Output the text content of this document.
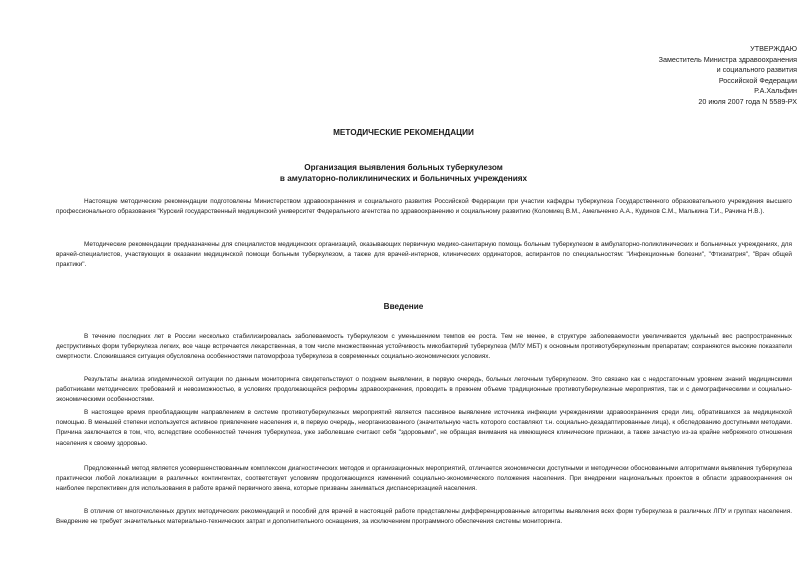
УТВЕРЖДАЮ
Заместитель Министра здравоохранения
и социального развития
Российской Федерации
Р.А.Хальфин
20 июля 2007 года N 5589-РХ
МЕТОДИЧЕСКИЕ РЕКОМЕНДАЦИИ
Организация выявления больных туберкулезом
в амулаторно-поликлинических и больничных учреждениях
Настоящие методические рекомендации подготовлены Министерством здравоохранения и социального развития Российской Федерации при участии кафедры туберкулеза Государственного образовательного учреждения высшего профессионального образования "Курский государственный медицинский университет Федерального агентства по здравоохранению и социальному развитию (Коломиец В.М., Амельченко А.А., Кудинов С.М., Малькина Т.И., Рачина Н.В.).
Методические рекомендации предназначены для специалистов медицинских организаций, оказывающих первичную медико-санитарную помощь больным туберкулезом в амбулаторно-поликлинических и больничных учреждениях, для врачей-специалистов, участвующих в оказании медицинской помощи больным туберкулезом, а также для врачей-интернов, клинических ординаторов, аспирантов по специальностям: "Инфекционные болезни", "Фтизиатрия", "Врач общей практики".
Введение
В течение последних лет в России несколько стабилизировалась заболеваемость туберкулезом с уменьшением темпов ее роста. Тем не менее, в структуре заболеваемости увеличивается удельный вес распространенных деструктивных форм туберкулеза легких, все чаще встречается лекарственная, в том числе множественная устойчивость микобактерий туберкулеза (МЛУ МБТ) к основным противотуберкулезным препаратам; сохраняются высокие показатели смертности. Сложившаяся ситуация обусловлена особенностями патоморфоза туберкулеза в современных социально-экономических условиях.
Результаты анализа эпидемической ситуации по данным мониторинга свидетельствуют о позднем выявлении, в первую очередь, больных легочным туберкулезом. Это связано как с недостаточным уровнем знаний медицинскими работниками методических требований и невозможностью, в условиях продолжающейся реформы здравоохранения, проводить в прежнем объеме традиционные противотуберкулезные мероприятия, так и с демографическими и социально-экономическими особенностями.
В настоящее время преобладающим направлением в системе противотуберкулезных мероприятий является пассивное выявление источника инфекции учреждениями здравоохранения среди лиц, обратившихся за медицинской помощью. В меньшей степени используется активное привлечение населения и, в первую очередь, неорганизованного (значительную часть которого составляют т.н. социально-дезадаптированные лица), к обследованию доступными методами. Причина заключается в том, что, вследствие особенностей течения туберкулеза, уже заболевшие считают себя "здоровыми", не обращая внимания на имеющиеся клинические признаки, а также зачастую из-за крайне небрежного отношения населения к своему здоровью.
Предложенный метод является усовершенствованным комплексом диагностических методов и организационных мероприятий, отличается экономически доступными и методически обоснованными алгоритмами выявления туберкулеза практически любой локализации в различных контингентах, соответствует условиям продолжающихся изменений социально-экономического положения населения. При внедрении национальных проектов в области здравоохранения он наиболее перспективен для использования в работе врачей первичного звена, которые призваны заниматься диспансеризацией населения.
В отличие от многочисленных других методических рекомендаций и пособий для врачей в настоящей работе представлены дифференцированные алгоритмы выявления всех форм туберкулеза в различных ЛПУ и группах населения. Внедрение не требует значительных материально-технических затрат и дополнительного оснащения, за исключением программного обеспечения системы мониторинга.
